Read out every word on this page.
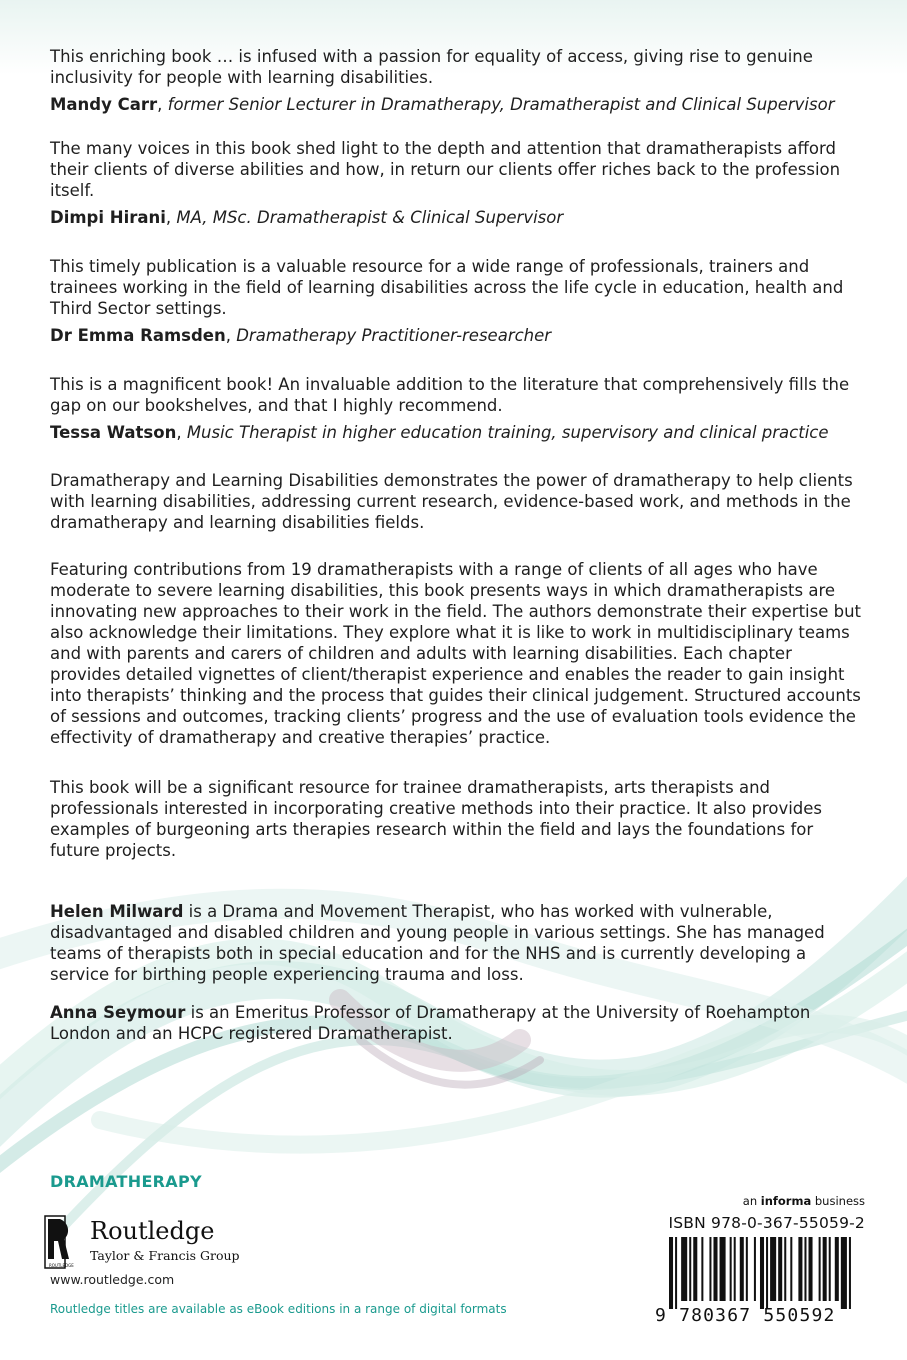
This enriching book … is infused with a passion for equality of access, giving rise to genuine inclusivity for people with learning disabilities.

Mandy Carr, former Senior Lecturer in Dramatherapy, Dramatherapist and Clinical Supervisor

The many voices in this book shed light to the depth and attention that dramatherapists afford their clients of diverse abilities and how, in return our clients offer riches back to the profession itself.

Dimpi Hirani, MA, MSc. Dramatherapist & Clinical Supervisor

This timely publication is a valuable resource for a wide range of professionals, trainers and trainees working in the field of learning disabilities across the life cycle in education, health and Third Sector settings.

Dr Emma Ramsden, Dramatherapy Practitioner-researcher

This is a magnificent book! An invaluable addition to the literature that comprehensively fills the gap on our bookshelves, and that I highly recommend.

Tessa Watson, Music Therapist in higher education training, supervisory and clinical practice

Dramatherapy and Learning Disabilities demonstrates the power of dramatherapy to help clients with learning disabilities, addressing current research, evidence-based work, and methods in the dramatherapy and learning disabilities fields.

Featuring contributions from 19 dramatherapists with a range of clients of all ages who have moderate to severe learning disabilities, this book presents ways in which dramatherapists are innovating new approaches to their work in the field. The authors demonstrate their expertise but also acknowledge their limitations. They explore what it is like to work in multidisciplinary teams and with parents and carers of children and adults with learning disabilities. Each chapter provides detailed vignettes of client/therapist experience and enables the reader to gain insight into therapists’ thinking and the process that guides their clinical judgement. Structured accounts of sessions and outcomes, tracking clients’ progress and the use of evaluation tools evidence the effectivity of dramatherapy and creative therapies’ practice.

This book will be a significant resource for trainee dramatherapists, arts therapists and professionals interested in incorporating creative methods into their practice. It also provides examples of burgeoning arts therapies research within the field and lays the foundations for future projects.

Helen Milward is a Drama and Movement Therapist, who has worked with vulnerable, disadvantaged and disabled children and young people in various settings. She has managed teams of therapists both in special education and for the NHS and is currently developing a service for birthing people experiencing trauma and loss.

Anna Seymour is an Emeritus Professor of Dramatherapy at the University of Roehampton London and an HCPC registered Dramatherapist.

DRAMATHERAPY
ROUTLEDGE
Routledge
Taylor & Francis Group
www.routledge.com
Routledge titles are available as eBook editions in a range of digital formats
an informa business
ISBN 978-0-367-55059-2
9 780367 550592
